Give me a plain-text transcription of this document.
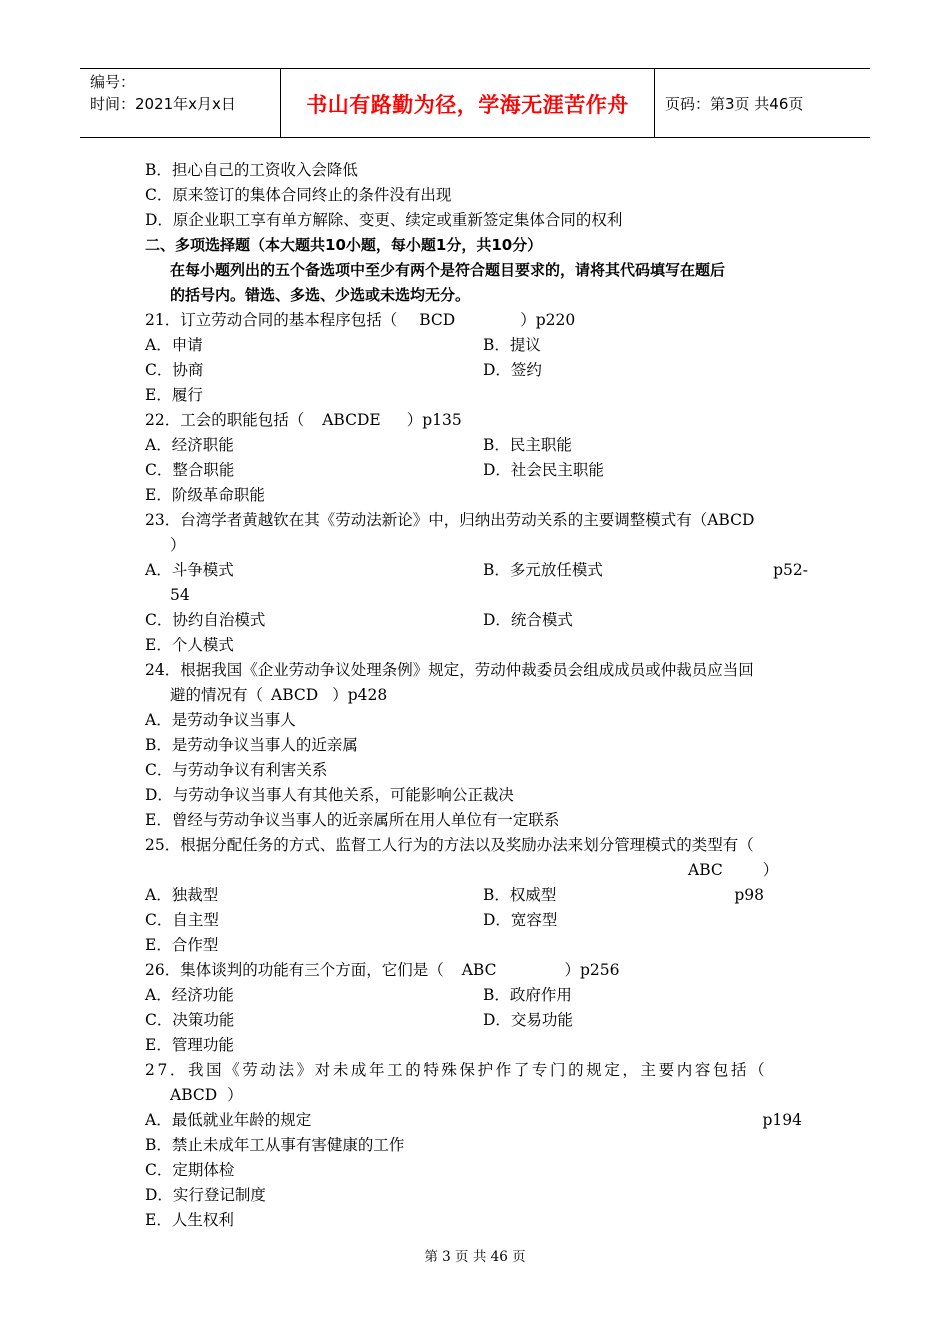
编号：
时间：2021年x月x日	书山有路勤为径，学海无涯苦作舟	页码：第3页 共46页
B．担心自己的工资收入会降低
C．原来签订的集体合同终止的条件没有出现
D．原企业职工享有单方解除、变更、续定或重新签定集体合同的权利
二、多项选择题（本大题共10小题，每小题1分，共10分）
在每小题列出的五个备选项中至少有两个是符合题目要求的，请将其代码填写在题后
的括号内。错选、多选、少选或未选均无分。
21．订立劳动合同的基本程序包括（ BCD	）p220
A．申请	B．提议
C．协商	D．签约
E．履行
22．工会的职能包括（ ABCDE ）p135
A．经济职能	B．民主职能
C．整合职能	D．社会民主职能
E．阶级革命职能
23．台湾学者黄越钦在其《劳动法新论》中，归纳出劳动关系的主要调整模式有（ABCD
）
A．斗争模式	B．多元放任模式	p52-
54
C．协约自治模式	D．统合模式
E．个人模式
24．根据我国《企业劳动争议处理条例》规定，劳动仲裁委员会组成成员或仲裁员应当回
避的情况有（ ABCD ）p428
A．是劳动争议当事人
B．是劳动争议当事人的近亲属
C．与劳动争议有利害关系
D．与劳动争议当事人有其他关系，可能影响公正裁决
E．曾经与劳动争议当事人的近亲属所在用人单位有一定联系
25．根据分配任务的方式、监督工人行为的方法以及奖励办法来划分管理模式的类型有（
ABC	）
A．独裁型	B．权威型	p98
C．自主型	D．宽容型
E．合作型
26．集体谈判的功能有三个方面，它们是（ ABC	）p256
A．经济功能	B．政府作用
C．决策功能	D．交易功能
E．管理功能
27．我国《劳动法》对未成年工的特殊保护作了专门的规定，主要内容包括（
ABCD ）
A．最低就业年龄的规定	p194
B．禁止未成年工从事有害健康的工作
C．定期体检
D．实行登记制度
E．人生权利
第 3 页 共 46 页
